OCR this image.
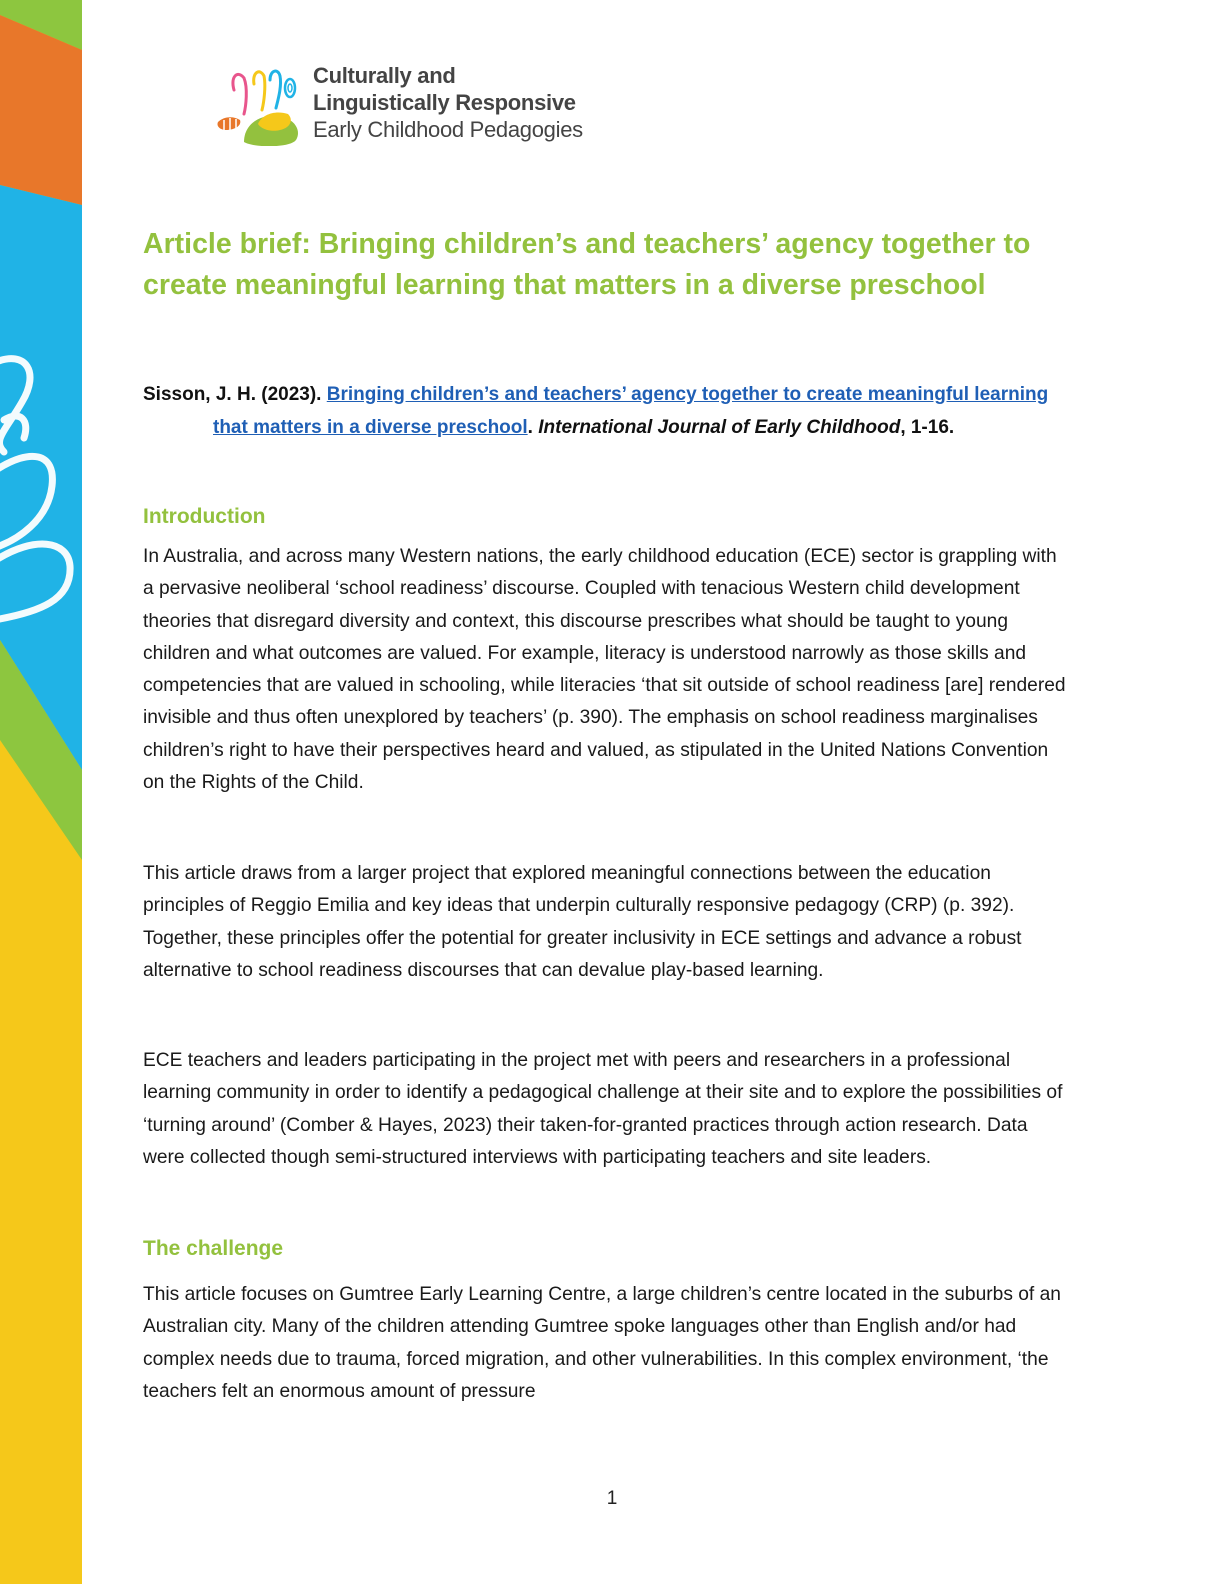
Culturally and
Linguistically Responsive
Early Childhood Pedagogies
Article brief: Bringing children’s and teachers’ agency together to create meaningful learning that matters in a diverse preschool
Sisson, J. H. (2023). Bringing children’s and teachers’ agency together to create meaningful learning that matters in a diverse preschool. International Journal of Early Childhood, 1-16.
Introduction

In Australia, and across many Western nations, the early childhood education (ECE) sector is grappling with a pervasive neoliberal ‘school readiness’ discourse. Coupled with tenacious Western child development theories that disregard diversity and context, this discourse prescribes what should be taught to young children and what outcomes are valued. For example, literacy is understood narrowly as those skills and competencies that are valued in schooling, while literacies ‘that sit outside of school readiness [are] rendered invisible and thus often unexplored by teachers’ (p. 390). The emphasis on school readiness marginalises children’s right to have their perspectives heard and valued, as stipulated in the United Nations Convention on the Rights of the Child.

This article draws from a larger project that explored meaningful connections between the education principles of Reggio Emilia and key ideas that underpin culturally responsive pedagogy (CRP) (p. 392). Together, these principles offer the potential for greater inclusivity in ECE settings and advance a robust alternative to school readiness discourses that can devalue play-based learning.

ECE teachers and leaders participating in the project met with peers and researchers in a professional learning community in order to identify a pedagogical challenge at their site and to explore the possibilities of ‘turning around’ (Comber & Hayes, 2023) their taken-for-granted practices through action research. Data were collected though semi-structured interviews with participating teachers and site leaders.

The challenge

This article focuses on Gumtree Early Learning Centre, a large children’s centre located in the suburbs of an Australian city. Many of the children attending Gumtree spoke languages other than English and/or had complex needs due to trauma, forced migration, and other vulnerabilities. In this complex environment, ‘the teachers felt an enormous amount of pressure

1
